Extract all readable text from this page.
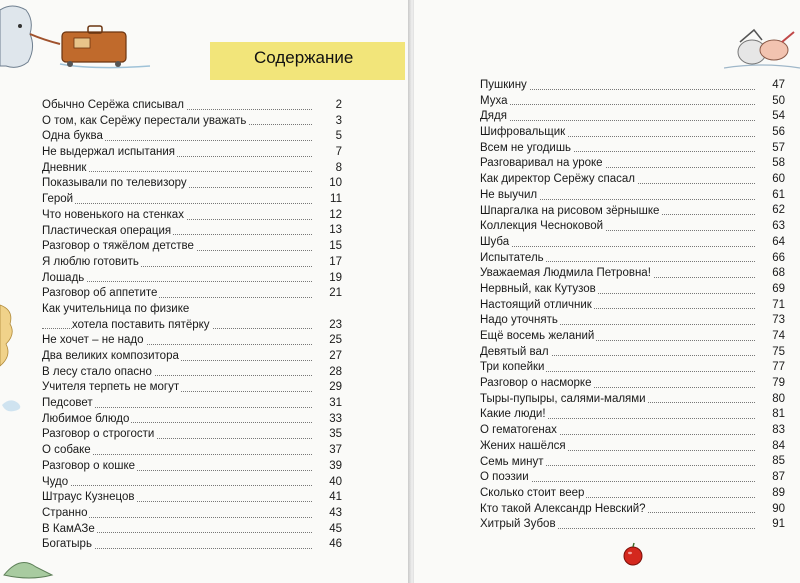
Содержание
Обычно Серёжа списывал	2
О том, как Серёжу перестали уважать	3
Одна буква	5
Не выдержал испытания	7
Дневник	8
Показывали по телевизору	10
Герой	11
Что новенького на стенках	12
Пластическая операция	13
Разговор о тяжёлом детстве	15
Я люблю готовить	17
Лошадь	19
Разговор об аппетите	21
Как учительница по физике
хотела поставить пятёрку	23
Не хочет – не надо	25
Два великих композитора	27
В лесу стало опасно	28
Учителя терпеть не могут	29
Педсовет	31
Любимое блюдо	33
Разговор о строгости	35
О собаке	37
Разговор о кошке	39
Чудо	40
Штраус Кузнецов	41
Странно	43
В КамАЗе	45
Богатырь	46
Пушкину	47
Муха	50
Дядя	54
Шифровальщик	56
Всем не угодишь	57
Разговаривал на уроке	58
Как директор Серёжу спасал	60
Не выучил	61
Шпаргалка на рисовом зёрнышке	62
Коллекция Чесноковой	63
Шуба	64
Испытатель	66
Уважаемая Людмила Петровна!	68
Нервный, как Кутузов	69
Настоящий отличник	71
Надо уточнять	73
Ещё восемь желаний	74
Девятый вал	75
Три копейки	77
Разговор о насморке	79
Тыры-пупыры, салями-малями	80
Какие люди!	81
О гематогенах	83
Жених нашёлся	84
Семь минут	85
О поэзии	87
Сколько стоит веер	89
Кто такой Александр Невский?	90
Хитрый Зубов	91
